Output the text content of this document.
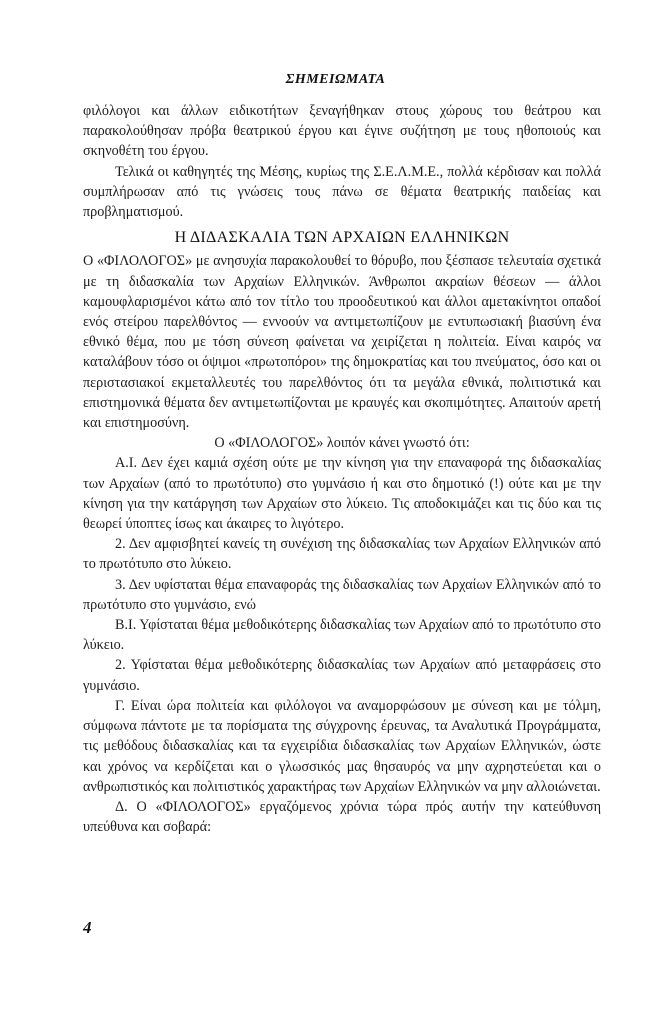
ΣΗΜΕΙΩΜΑΤΑ

φιλόλογοι και άλλων ειδικοτήτων ξεναγήθηκαν στους χώρους του θεάτρου και παρακολούθησαν πρόβα θεατρικού έργου και έγινε συζήτηση με τους ηθοποιούς και σκηνοθέτη του έργου.

Τελικά οι καθηγητές της Μέσης, κυρίως της Σ.Ε.Λ.Μ.Ε., πολλά κέρδισαν και πολλά συμπλήρωσαν από τις γνώσεις τους πάνω σε θέματα θεατρικής παιδείας και προβληματισμού.

Η ΔΙΔΑΣΚΑΛΙΑ ΤΩΝ ΑΡΧΑΙΩΝ ΕΛΛΗΝΙΚΩΝ

Ο «ΦΙΛΟΛΟΓΟΣ» με ανησυχία παρακολουθεί το θόρυβο, που ξέσπασε τελευταία σχετικά με τη διδασκαλία των Αρχαίων Ελληνικών. Άνθρωποι ακραίων θέσεων — άλλοι καμουφλαρισμένοι κάτω από τον τίτλο του προοδευτικού και άλλοι αμετακίνητοι οπαδοί ενός στείρου παρελθόντος — εννοούν να αντιμετωπίζουν με εντυπωσιακή βιασύνη ένα εθνικό θέμα, που με τόση σύνεση φαίνεται να χειρίζεται η πολιτεία. Είναι καιρός να καταλάβουν τόσο οι όψιμοι «πρωτοπόροι» της δημοκρατίας και του πνεύματος, όσο και οι περιστασιακοί εκμεταλλευτές του παρελθόντος ότι τα μεγάλα εθνικά, πολιτιστικά και επιστημονικά θέματα δεν αντιμετωπίζονται με κραυγές και σκοπιμότητες. Απαιτούν αρετή και επιστημοσύνη.

Ο «ΦΙΛΟΛΟΓΟΣ» λοιπόν κάνει γνωστό ότι:

Α.Ι. Δεν έχει καμιά σχέση ούτε με την κίνηση για την επαναφορά της διδασκαλίας των Αρχαίων (από το πρωτότυπο) στο γυμνάσιο ή και στο δημοτικό (!) ούτε και με την κίνηση για την κατάργηση των Αρχαίων στο λύκειο. Τις αποδοκιμάζει και τις δύο και τις θεωρεί ύποπτες ίσως και άκαιρες το λιγότερο.

2. Δεν αμφισβητεί κανείς τη συνέχιση της διδασκαλίας των Αρχαίων Ελληνικών από το πρωτότυπο στο λύκειο.

3. Δεν υφίσταται θέμα επαναφοράς της διδασκαλίας των Αρχαίων Ελληνικών από το πρωτότυπο στο γυμνάσιο, ενώ

Β.Ι. Υφίσταται θέμα μεθοδικότερης διδασκαλίας των Αρχαίων από το πρωτότυπο στο λύκειο.

2. Υφίσταται θέμα μεθοδικότερης διδασκαλίας των Αρχαίων από μεταφράσεις στο γυμνάσιο.

Γ. Είναι ώρα πολιτεία και φιλόλογοι να αναμορφώσουν με σύνεση και με τόλμη, σύμφωνα πάντοτε με τα πορίσματα της σύγχρονης έρευνας, τα Αναλυτικά Προγράμματα, τις μεθόδους διδασκαλίας και τα εγχειρίδια διδασκαλίας των Αρχαίων Ελληνικών, ώστε και χρόνος να κερδίζεται και ο γλωσσικός μας θησαυρός να μην αχρηστεύεται και ο ανθρωπιστικός και πολιτιστικός χαρακτήρας των Αρχαίων Ελληνικών να μην αλλοιώνεται.

Δ. Ο «ΦΙΛΟΛΟΓΟΣ» εργαζόμενος χρόνια τώρα πρός αυτήν την κατεύθυνση υπεύθυνα και σοβαρά:

4
